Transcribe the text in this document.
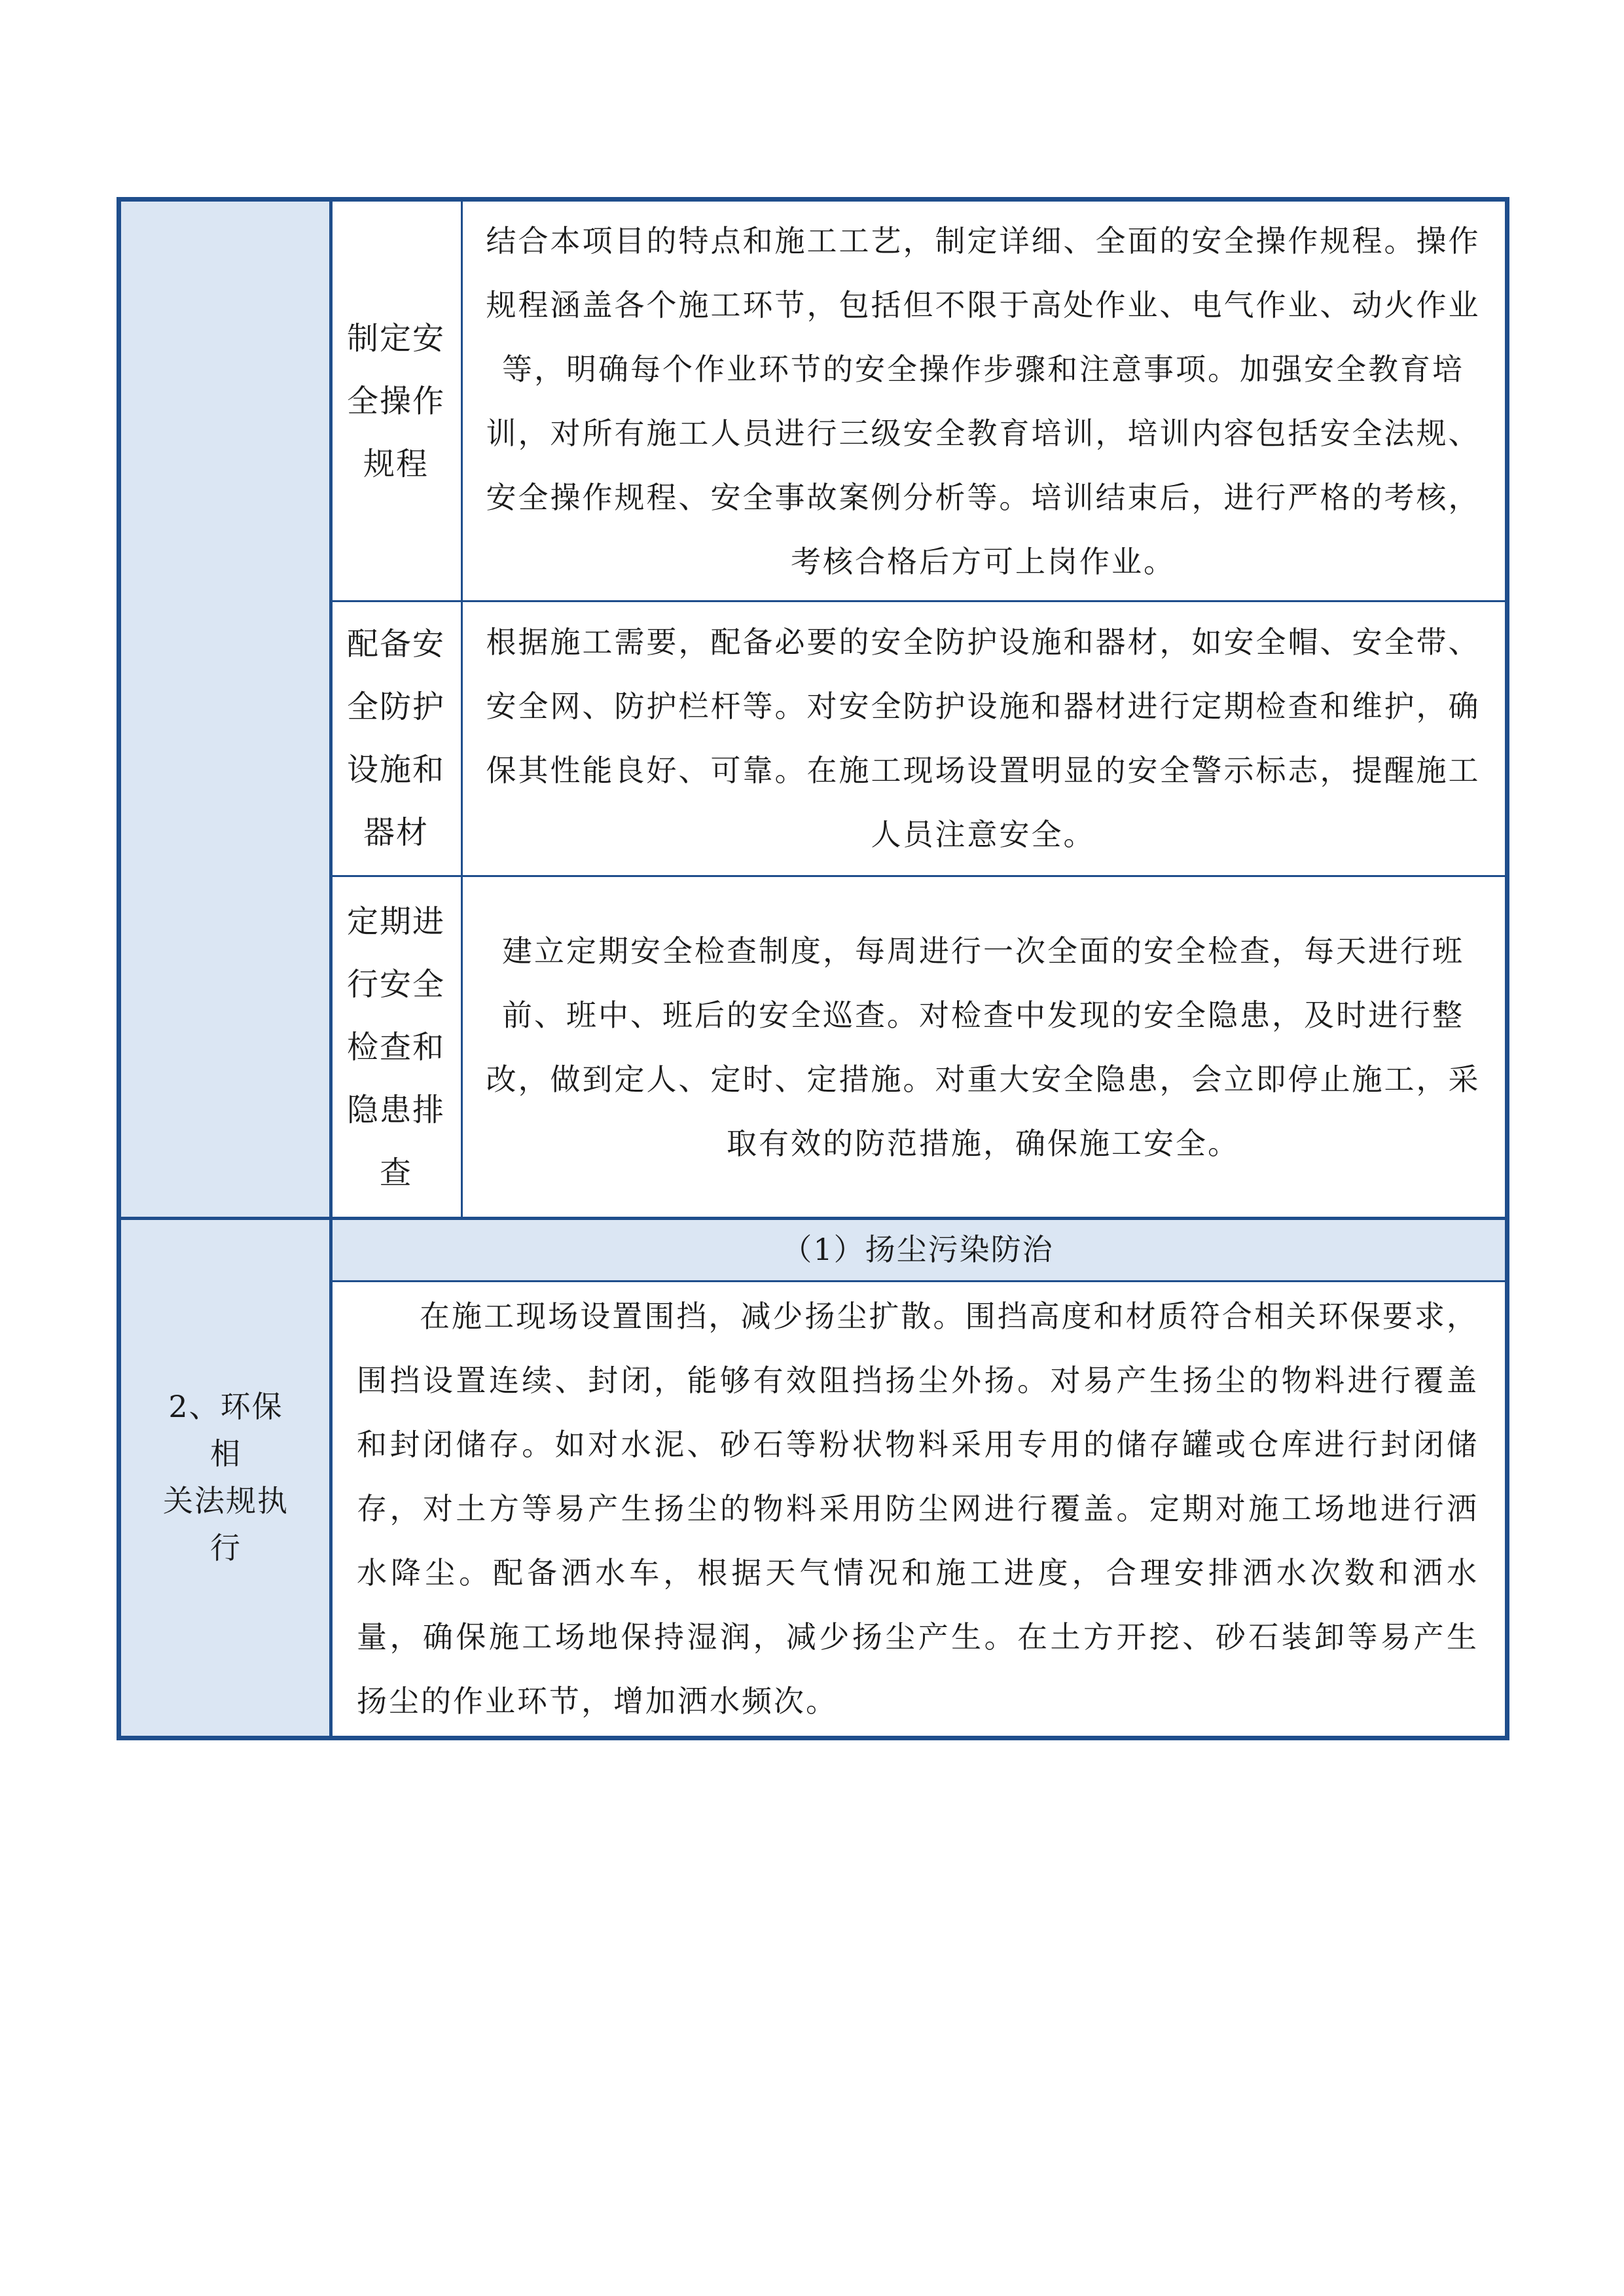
制定安
全操作
规程
结合本项目的特点和施工工艺，制定详细、全面的安全操作规程。操作规程涵盖各个施工环节，包括但不限于高处作业、电气作业、动火作业等，明确每个作业环节的安全操作步骤和注意事项。加强安全教育培训，对所有施工人员进行三级安全教育培训，培训内容包括安全法规、安全操作规程、安全事故案例分析等。培训结束后，进行严格的考核，考核合格后方可上岗作业。
配备安
全防护
设施和
器材
根据施工需要，配备必要的安全防护设施和器材，如安全帽、安全带、安全网、防护栏杆等。对安全防护设施和器材进行定期检查和维护，确保其性能良好、可靠。在施工现场设置明显的安全警示标志，提醒施工人员注意安全。
定期进
行安全
检查和
隐患排
查
建立定期安全检查制度，每周进行一次全面的安全检查，每天进行班前、班中、班后的安全巡查。对检查中发现的安全隐患，及时进行整改，做到定人、定时、定措施。对重大安全隐患，会立即停止施工，采取有效的防范措施，确保施工安全。
2、环保相
关法规执
行
（1）扬尘污染防治
在施工现场设置围挡，减少扬尘扩散。围挡高度和材质符合相关环保要求，围挡设置连续、封闭，能够有效阻挡扬尘外扬。对易产生扬尘的物料进行覆盖和封闭储存。如对水泥、砂石等粉状物料采用专用的储存罐或仓库进行封闭储存，对土方等易产生扬尘的物料采用防尘网进行覆盖。定期对施工场地进行洒水降尘。配备洒水车，根据天气情况和施工进度，合理安排洒水次数和洒水量，确保施工场地保持湿润，减少扬尘产生。在土方开挖、砂石装卸等易产生扬尘的作业环节，增加洒水频次。
